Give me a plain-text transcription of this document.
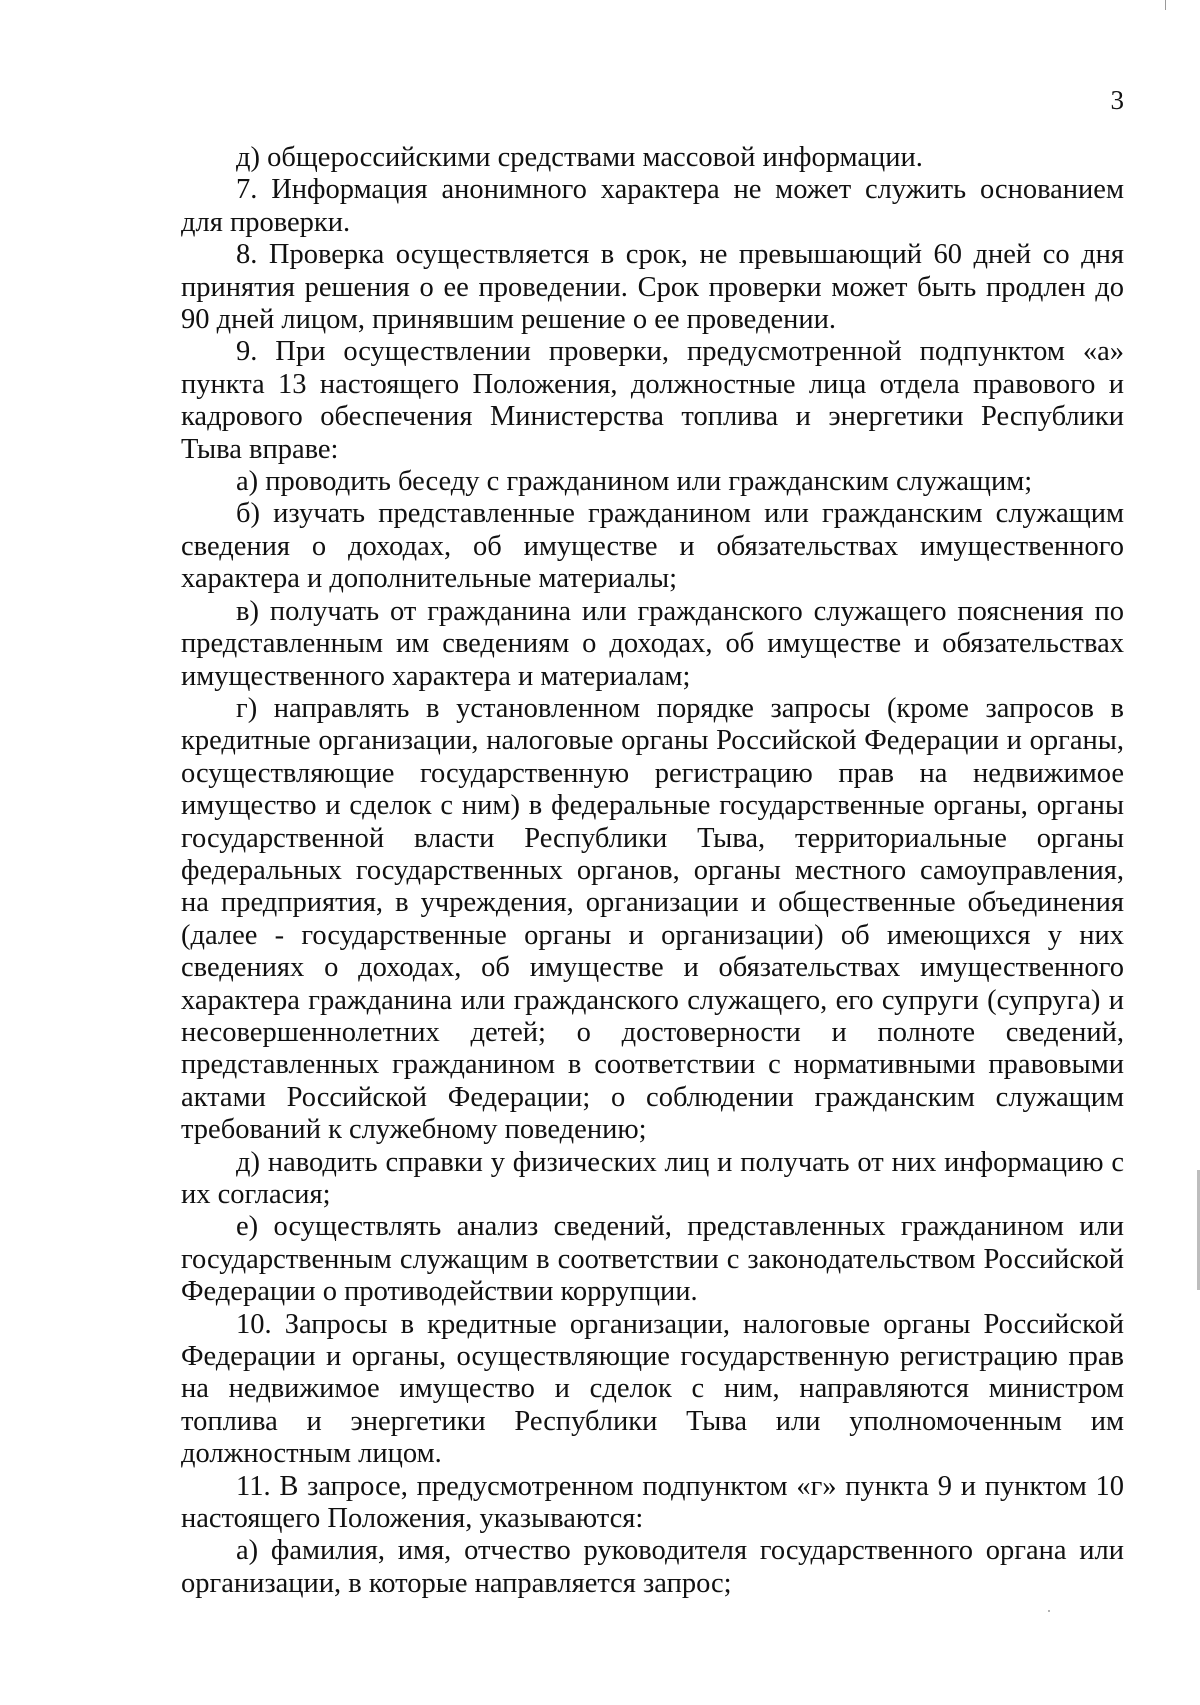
3

д) общероссийскими средствами массовой информации.

7. Информация анонимного характера не может служить основанием для проверки.

8. Проверка осуществляется в срок, не превышающий 60 дней со дня принятия решения о ее проведении. Срок проверки может быть продлен до 90 дней лицом, принявшим решение о ее проведении.

9. При осуществлении проверки, предусмотренной подпунктом «а» пункта 13 настоящего Положения, должностные лица отдела правового и кадрового обеспечения Министерства топлива и энергетики Республики Тыва вправе:

а) проводить беседу с гражданином или гражданским служащим;

б) изучать представленные гражданином или гражданским служащим сведения о доходах, об имуществе и обязательствах имущественного характера и дополнительные материалы;

в) получать от гражданина или гражданского служащего пояснения по представленным им сведениям о доходах, об имуществе и обязательствах имущественного характера и материалам;

г) направлять в установленном порядке запросы (кроме запросов в кредитные организации, налоговые органы Российской Федерации и органы, осуществляющие государственную регистрацию прав на недвижимое имущество и сделок с ним) в федеральные государственные органы, органы государственной власти Республики Тыва, территориальные органы федеральных государственных органов, органы местного самоуправления, на предприятия, в учреждения, организации и общественные объединения (далее - государственные органы и организации) об имеющихся у них сведениях о доходах, об имуществе и обязательствах имущественного характера гражданина или гражданского служащего, его супруги (супруга) и несовершеннолетних детей; о достоверности и полноте сведений, представленных гражданином в соответствии с нормативными правовыми актами Российской Федерации; о соблюдении гражданским служащим требований к служебному поведению;

д) наводить справки у физических лиц и получать от них информацию с их согласия;

е) осуществлять анализ сведений, представленных гражданином или государственным служащим в соответствии с законодательством Российской Федерации о противодействии коррупции.

10. Запросы в кредитные организации, налоговые органы Российской Федерации и органы, осуществляющие государственную регистрацию прав на недвижимое имущество и сделок с ним, направляются министром топлива и энергетики Республики Тыва или уполномоченным им должностным лицом.

11. В запросе, предусмотренном подпунктом «г» пункта 9 и пунктом 10 настоящего Положения, указываются:

а) фамилия, имя, отчество руководителя государственного органа или организации, в которые направляется запрос;
